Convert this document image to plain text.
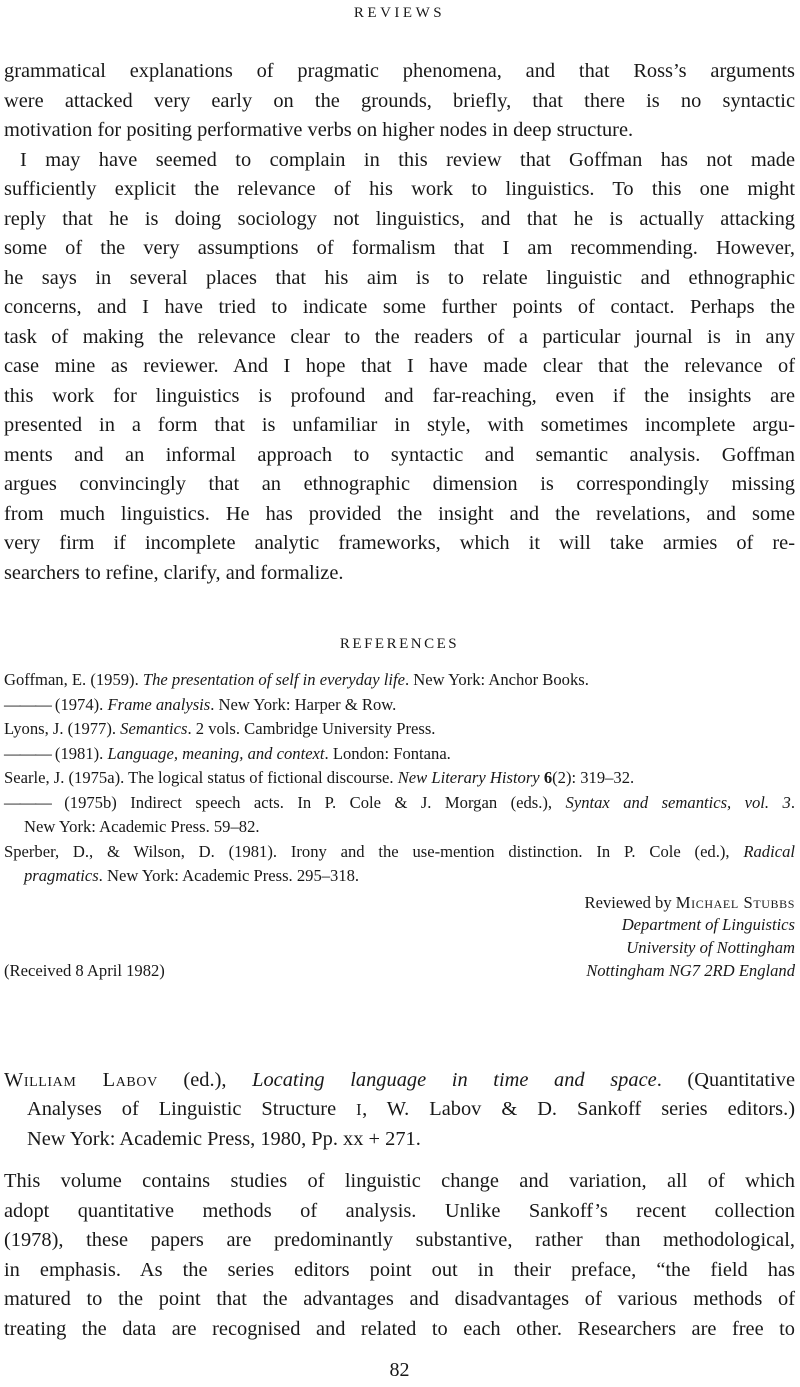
REVIEWS
grammatical explanations of pragmatic phenomena, and that Ross’s arguments
were attacked very early on the grounds, briefly, that there is no syntactic
motivation for positing performative verbs on higher nodes in deep structure.
I may have seemed to complain in this review that Goffman has not made
sufficiently explicit the relevance of his work to linguistics. To this one might
reply that he is doing sociology not linguistics, and that he is actually attacking
some of the very assumptions of formalism that I am recommending. However,
he says in several places that his aim is to relate linguistic and ethnographic
concerns, and I have tried to indicate some further points of contact. Perhaps the
task of making the relevance clear to the readers of a particular journal is in any
case mine as reviewer. And I hope that I have made clear that the relevance of
this work for linguistics is profound and far-reaching, even if the insights are
presented in a form that is unfamiliar in style, with sometimes incomplete argu-
ments and an informal approach to syntactic and semantic analysis. Goffman
argues convincingly that an ethnographic dimension is correspondingly missing
from much linguistics. He has provided the insight and the revelations, and some
very firm if incomplete analytic frameworks, which it will take armies of re-
searchers to refine, clarify, and formalize.
REFERENCES
Goffman, E. (1959). The presentation of self in everyday life. New York: Anchor Books.
——— (1974). Frame analysis. New York: Harper & Row.
Lyons, J. (1977). Semantics. 2 vols. Cambridge University Press.
——— (1981). Language, meaning, and context. London: Fontana.
Searle, J. (1975a). The logical status of fictional discourse. New Literary History 6(2): 319–32.
——— (1975b) Indirect speech acts. In P. Cole & J. Morgan (eds.), Syntax and semantics, vol. 3.
New York: Academic Press. 59–82.
Sperber, D., & Wilson, D. (1981). Irony and the use-mention distinction. In P. Cole (ed.), Radical
pragmatics. New York: Academic Press. 295–318.
(Received 8 April 1982)
Reviewed by Michael Stubbs
Department of Linguistics
University of Nottingham
Nottingham NG7 2RD England
William Labov (ed.), Locating language in time and space. (Quantitative
Analyses of Linguistic Structure I, W. Labov & D. Sankoff series editors.)
New York: Academic Press, 1980, Pp. xx + 271.
This volume contains studies of linguistic change and variation, all of which
adopt quantitative methods of analysis. Unlike Sankoff’s recent collection
(1978), these papers are predominantly substantive, rather than methodological,
in emphasis. As the series editors point out in their preface, “the field has
matured to the point that the advantages and disadvantages of various methods of
treating the data are recognised and related to each other. Researchers are free to
82
